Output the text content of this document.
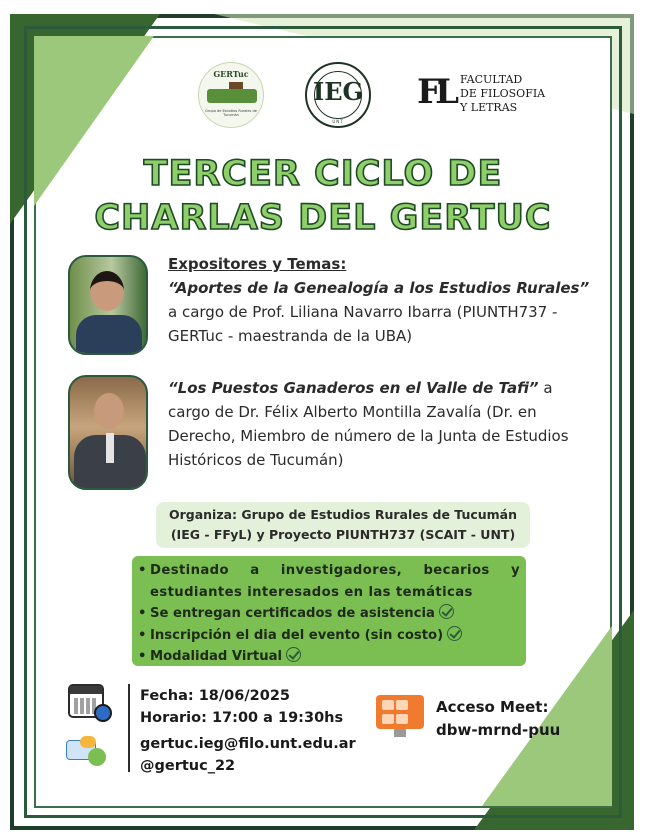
GERTuc
Grupo de Estudios Rurales de Tucumán
IEG
UNT
FL FACULTAD
DE FILOSOFIA
Y LETRAS
TERCER CICLO DE
CHARLAS DEL GERTUC
Expositores y Temas:
“Aportes de la Genealogía a los Estudios Rurales” a cargo de Prof. Liliana Navarro Ibarra (PIUNTH737 - GERTuc - maestranda de la UBA)
“Los Puestos Ganaderos en el Valle de Tafi” a cargo de Dr. Félix Alberto Montilla Zavalía (Dr. en Derecho, Miembro de número de la Junta de Estudios Históricos de Tucumán)
Organiza: Grupo de Estudios Rurales de Tucumán
(IEG - FFyL) y Proyecto PIUNTH737 (SCAIT - UNT)
• Destinado a investigadores, becarios y estudiantes interesados en las temáticas
• Se entregan certificados de asistencia
• Inscripción el dia del evento (sin costo)
• Modalidad Virtual
Fecha: 18/06/2025
Horario: 17:00 a 19:30hs
gertuc.ieg@filo.unt.edu.ar
@gertuc_22
Acceso Meet:
dbw-mrnd-puu
